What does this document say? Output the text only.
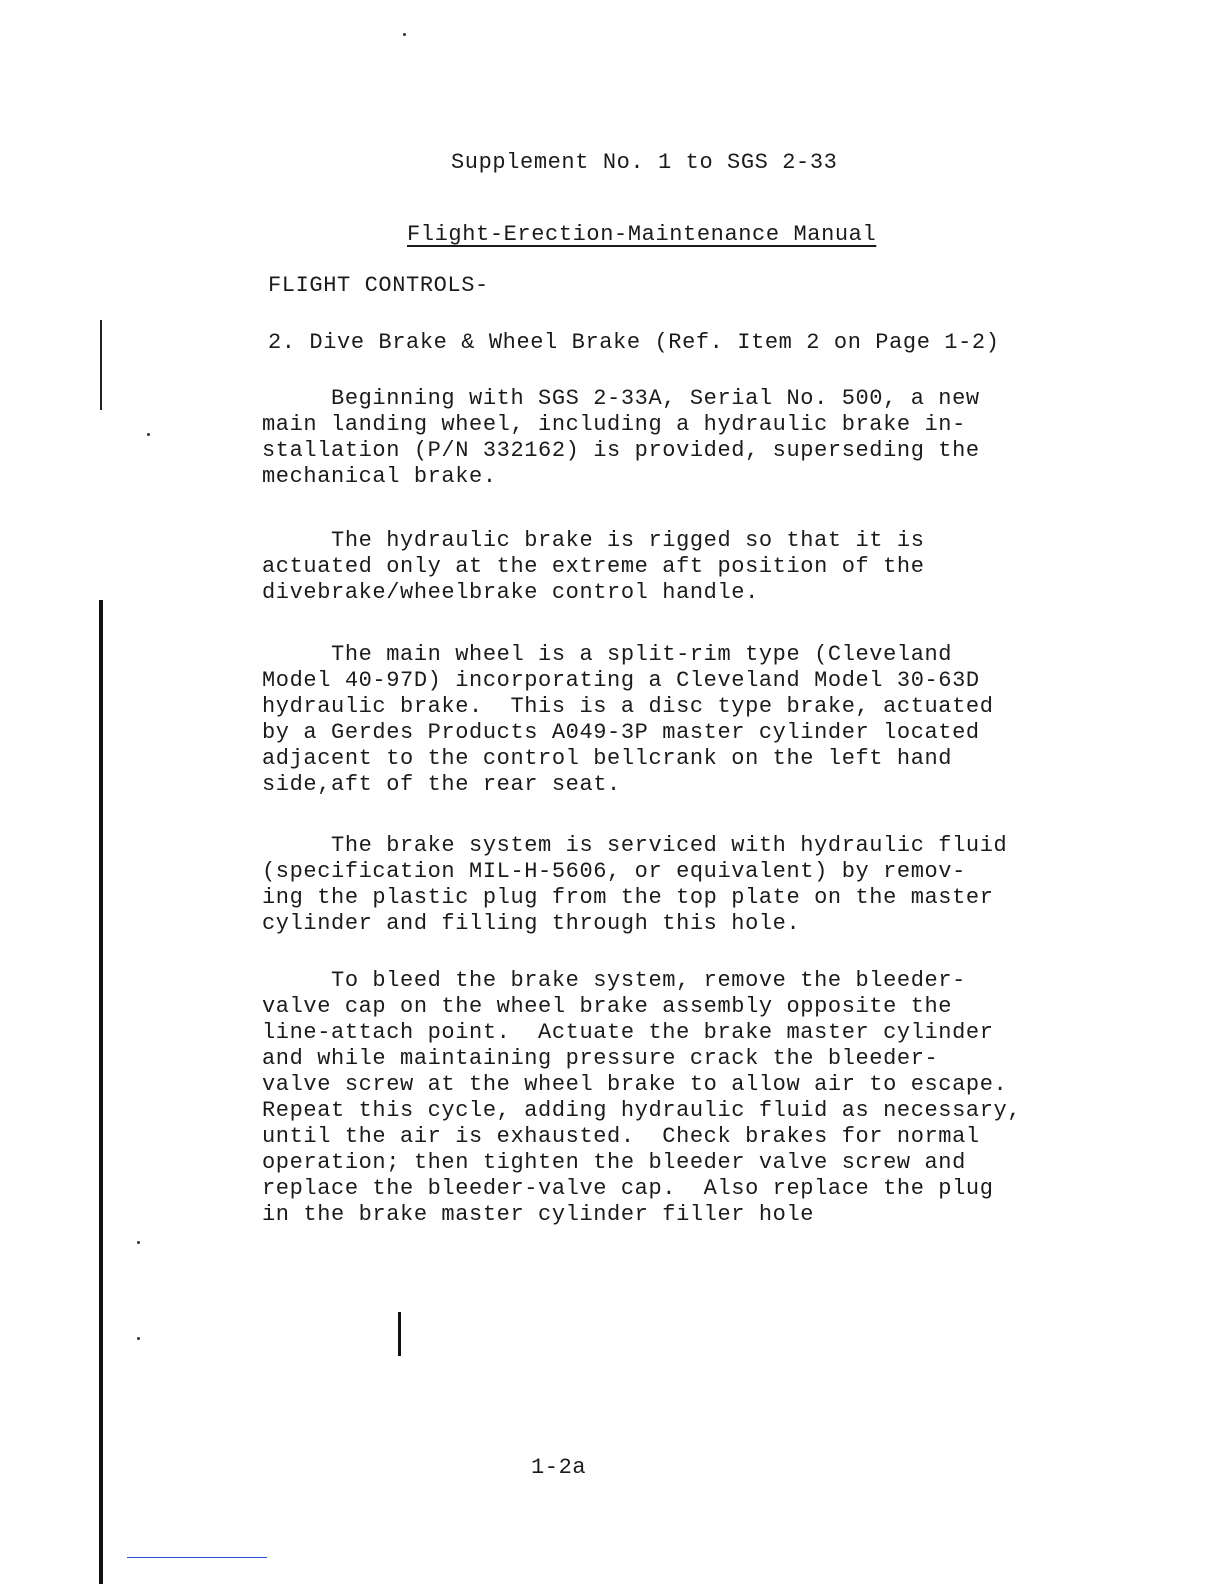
Supplement No. 1 to SGS 2-33
Flight-Erection-Maintenance Manual
FLIGHT CONTROLS-
2. Dive Brake & Wheel Brake (Ref. Item 2 on Page 1-2)
Beginning with SGS 2-33A, Serial No. 500, a new
main landing wheel, including a hydraulic brake in-
stallation (P/N 332162) is provided, superseding the
mechanical brake.
The hydraulic brake is rigged so that it is
actuated only at the extreme aft position of the
divebrake/wheelbrake control handle.
The main wheel is a split-rim type (Cleveland
Model 40-97D) incorporating a Cleveland Model 30-63D
hydraulic brake.  This is a disc type brake, actuated
by a Gerdes Products A049-3P master cylinder located
adjacent to the control bellcrank on the left hand
side,aft of the rear seat.
The brake system is serviced with hydraulic fluid
(specification MIL-H-5606, or equivalent) by remov-
ing the plastic plug from the top plate on the master
cylinder and filling through this hole.
To bleed the brake system, remove the bleeder-
valve cap on the wheel brake assembly opposite the
line-attach point.  Actuate the brake master cylinder
and while maintaining pressure crack the bleeder-
valve screw at the wheel brake to allow air to escape.
Repeat this cycle, adding hydraulic fluid as necessary,
until the air is exhausted.  Check brakes for normal
operation; then tighten the bleeder valve screw and
replace the bleeder-valve cap.  Also replace the plug
in the brake master cylinder filler hole
1-2a
